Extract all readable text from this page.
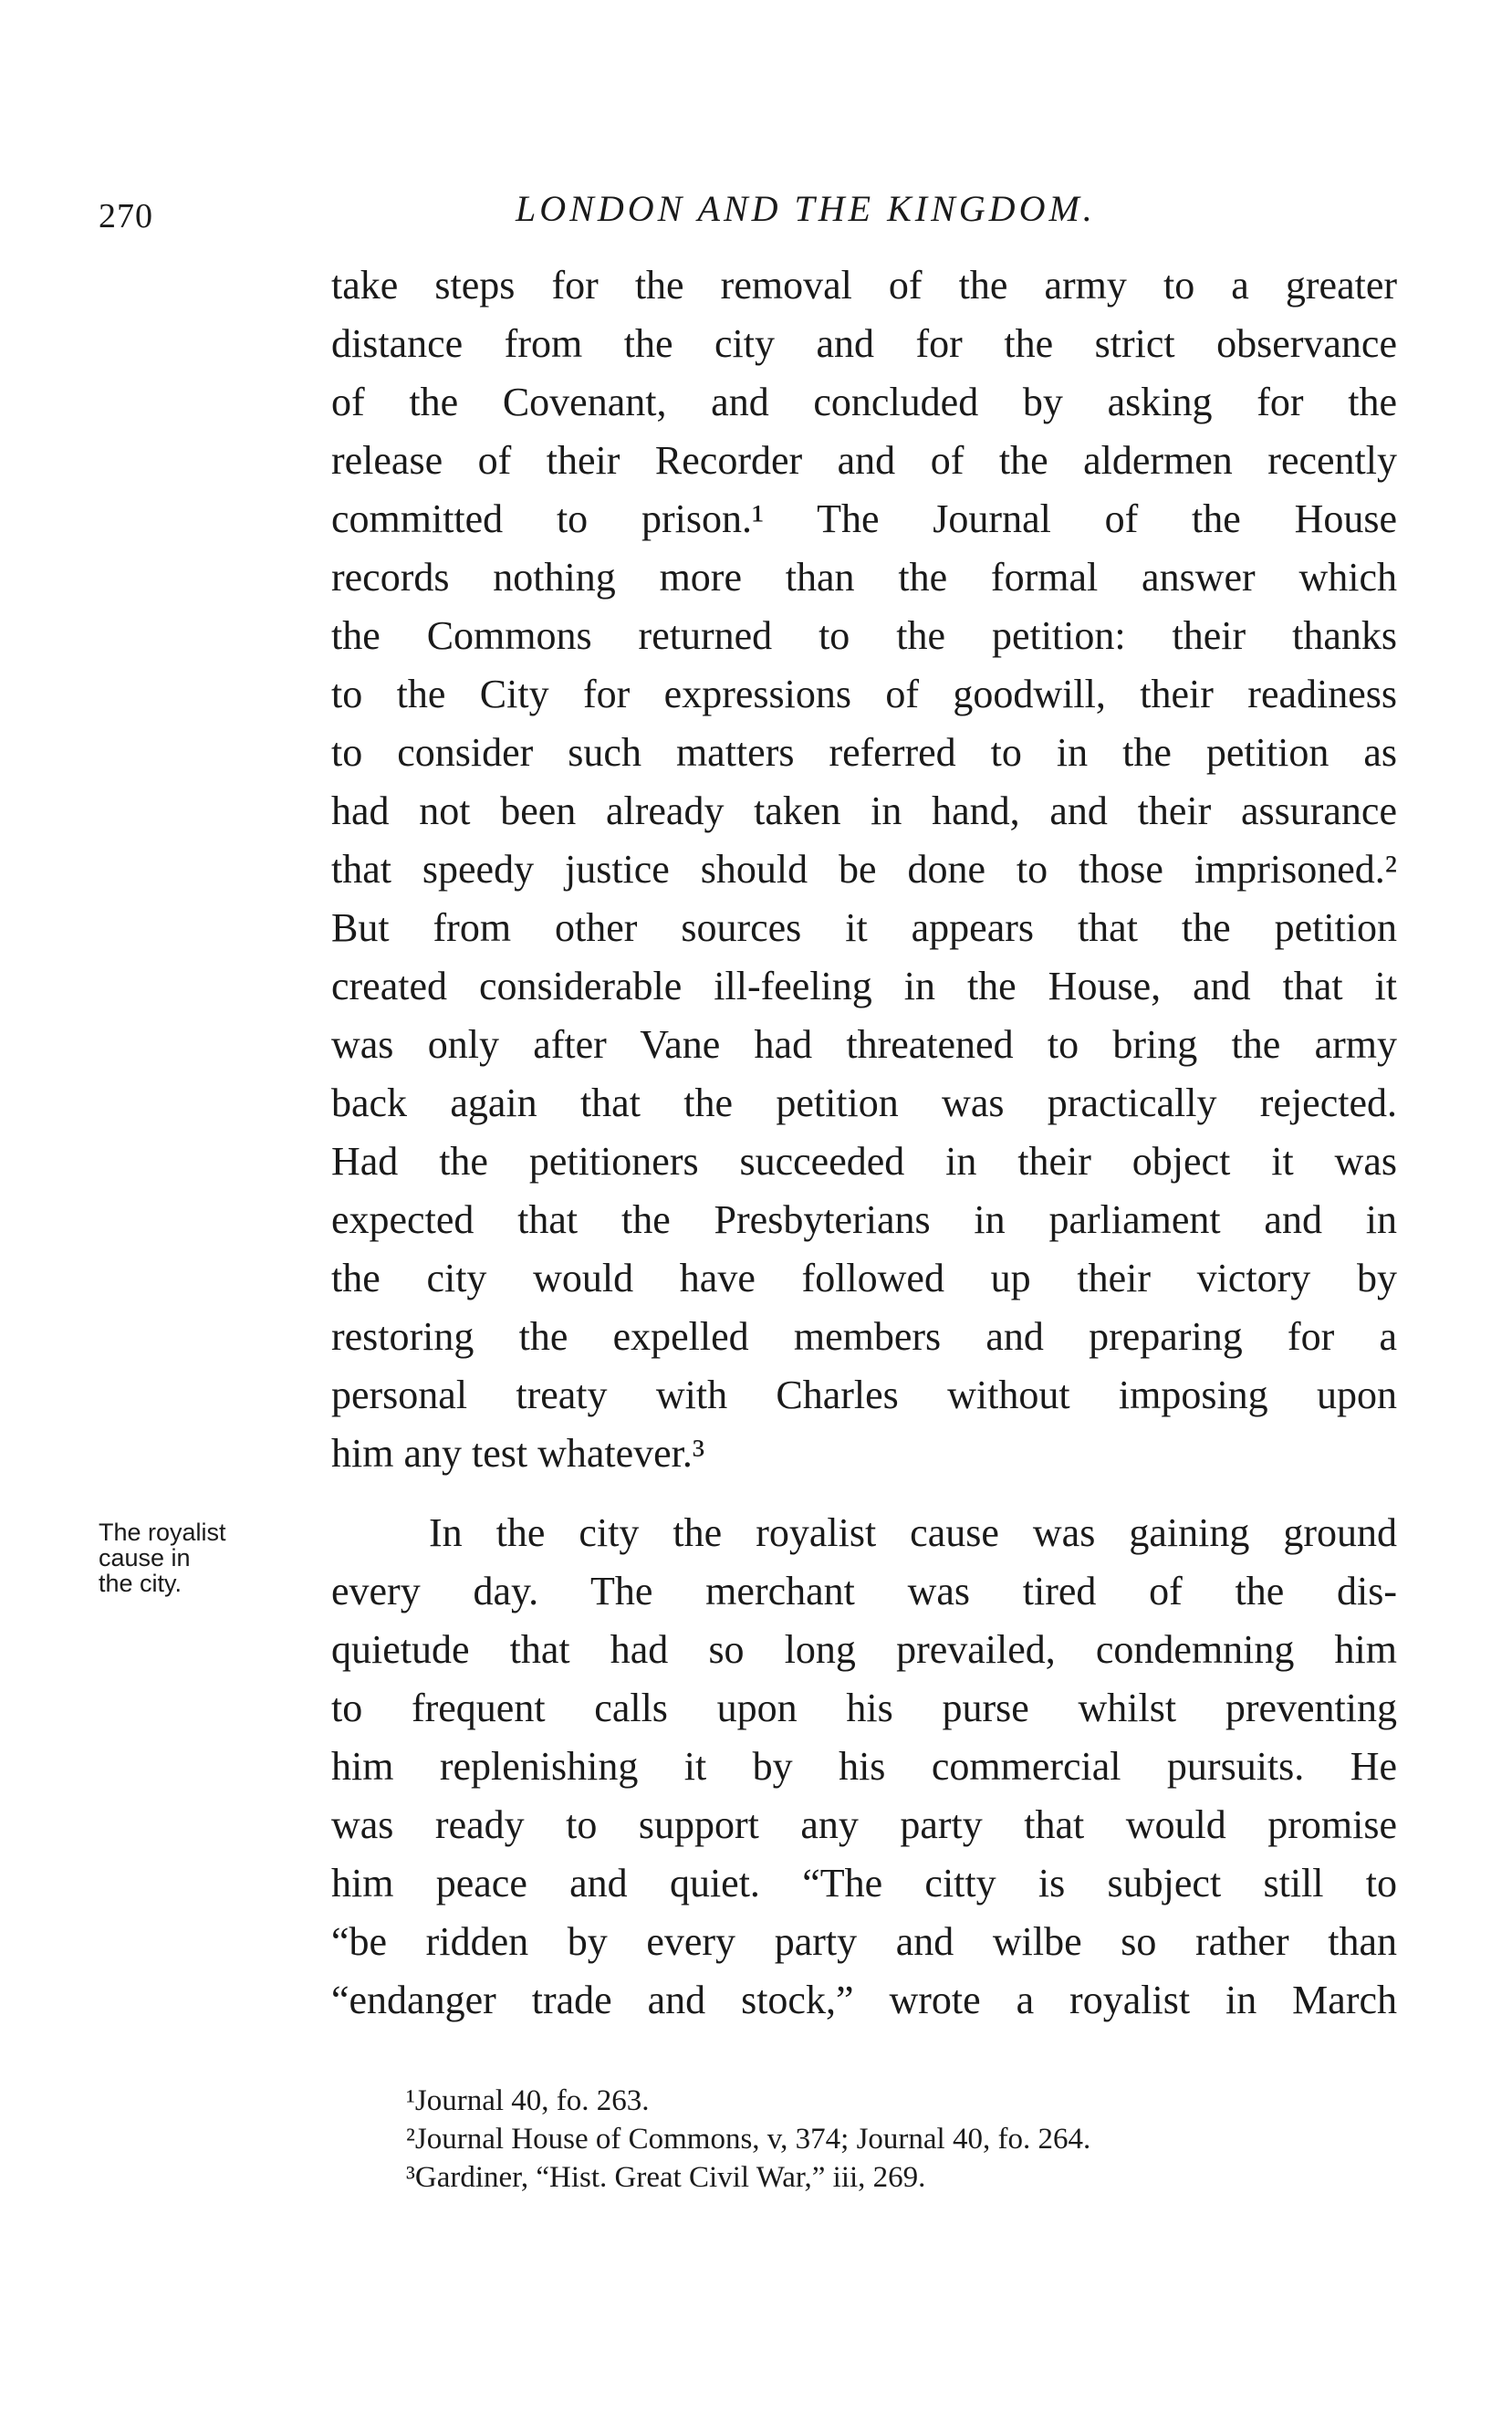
270	LONDON AND THE KINGDOM.
The royalist
cause in
the city.
take steps for the removal of the army to a greater
distance from the city and for the strict observance
of the Covenant, and concluded by asking for the
release of their Recorder and of the aldermen recently
committed to prison.¹ The Journal of the House
records nothing more than the formal answer which
the Commons returned to the petition: their thanks
to the City for expressions of goodwill, their readiness
to consider such matters referred to in the petition as
had not been already taken in hand, and their assurance
that speedy justice should be done to those imprisoned.²
But from other sources it appears that the petition
created considerable ill-feeling in the House, and that it
was only after Vane had threatened to bring the army
back again that the petition was practically rejected.
Had the petitioners succeeded in their object it was
expected that the Presbyterians in parliament and in
the city would have followed up their victory by
restoring the expelled members and preparing for a
personal treaty with Charles without imposing upon
him any test whatever.³
In the city the royalist cause was gaining ground
every day. The merchant was tired of the dis-
quietude that had so long prevailed, condemning him
to frequent calls upon his purse whilst preventing
him replenishing it by his commercial pursuits. He
was ready to support any party that would promise
him peace and quiet. “The citty is subject still to
“be ridden by every party and wilbe so rather than
“endanger trade and stock,” wrote a royalist in March
¹Journal 40, fo. 263.
²Journal House of Commons, v, 374; Journal 40, fo. 264.
³Gardiner, “Hist. Great Civil War,” iii, 269.
